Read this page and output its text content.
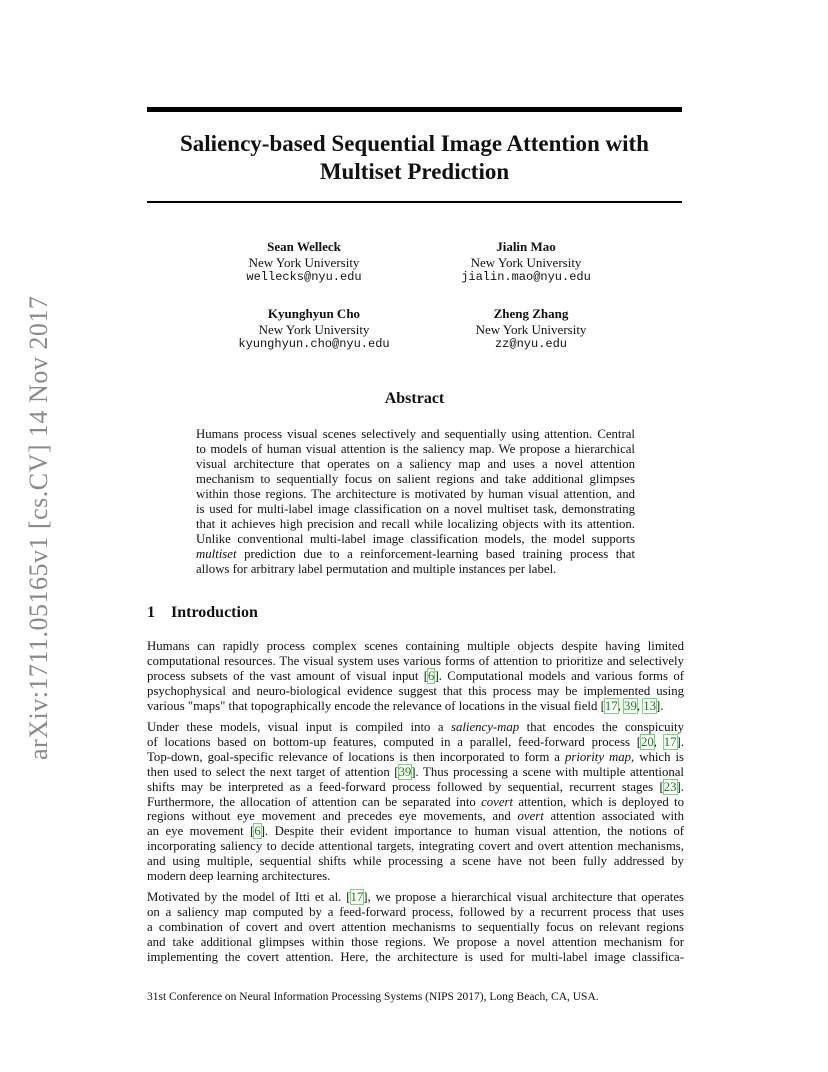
arXiv:1711.05165v1 [cs.CV] 14 Nov 2017
Saliency-based Sequential Image Attention with
Multiset Prediction
Sean Welleck
New York University
wellecks@nyu.edu
Jialin Mao
New York University
jialin.mao@nyu.edu
Kyunghyun Cho
New York University
kyunghyun.cho@nyu.edu
Zheng Zhang
New York University
zz@nyu.edu
Abstract
Humans process visual scenes selectively and sequentially using attention. Central
to models of human visual attention is the saliency map. We propose a hierarchical
visual architecture that operates on a saliency map and uses a novel attention
mechanism to sequentially focus on salient regions and take additional glimpses
within those regions. The architecture is motivated by human visual attention, and
is used for multi-label image classification on a novel multiset task, demonstrating
that it achieves high precision and recall while localizing objects with its attention.
Unlike conventional multi-label image classification models, the model supports
multiset prediction due to a reinforcement-learning based training process that
allows for arbitrary label permutation and multiple instances per label.
1 Introduction
Humans can rapidly process complex scenes containing multiple objects despite having limited
computational resources. The visual system uses various forms of attention to prioritize and selectively
process subsets of the vast amount of visual input [6]. Computational models and various forms of
psychophysical and neuro-biological evidence suggest that this process may be implemented using
various "maps" that topographically encode the relevance of locations in the visual field [17, 39, 13].
Under these models, visual input is compiled into a saliency-map that encodes the conspicuity
of locations based on bottom-up features, computed in a parallel, feed-forward process [20, 17].
Top-down, goal-specific relevance of locations is then incorporated to form a priority map, which is
then used to select the next target of attention [39]. Thus processing a scene with multiple attentional
shifts may be interpreted as a feed-forward process followed by sequential, recurrent stages [23].
Furthermore, the allocation of attention can be separated into covert attention, which is deployed to
regions without eye movement and precedes eye movements, and overt attention associated with
an eye movement [6]. Despite their evident importance to human visual attention, the notions of
incorporating saliency to decide attentional targets, integrating covert and overt attention mechanisms,
and using multiple, sequential shifts while processing a scene have not been fully addressed by
modern deep learning architectures.
Motivated by the model of Itti et al. [17], we propose a hierarchical visual architecture that operates
on a saliency map computed by a feed-forward process, followed by a recurrent process that uses
a combination of covert and overt attention mechanisms to sequentially focus on relevant regions
and take additional glimpses within those regions. We propose a novel attention mechanism for
implementing the covert attention. Here, the architecture is used for multi-label image classifica-
31st Conference on Neural Information Processing Systems (NIPS 2017), Long Beach, CA, USA.
